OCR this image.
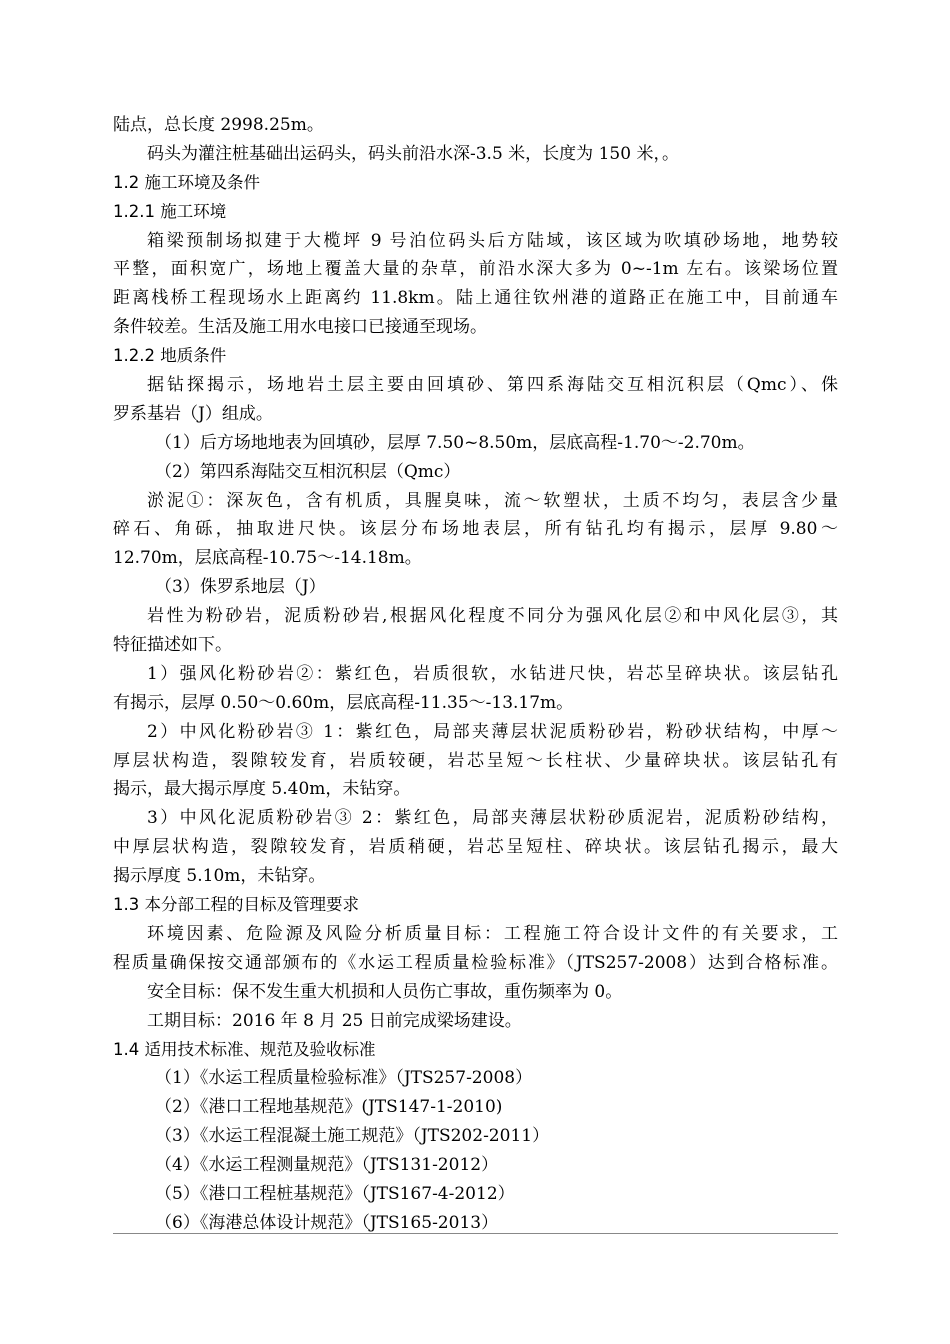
陆点，总长度 2998.25m。
码头为灌注桩基础出运码头，码头前沿水深-3.5 米，长度为 150 米，。
1.2 施工环境及条件
1.2.1 施工环境
箱梁预制场拟建于大榄坪 9 号泊位码头后方陆域，该区域为吹填砂场地，地势较
平整，面积宽广，场地上覆盖大量的杂草，前沿水深大多为 0~-1m 左右。该梁场位置
距离栈桥工程现场水上距离约 11.8km。陆上通往钦州港的道路正在施工中，目前通车
条件较差。生活及施工用水电接口已接通至现场。
1.2.2 地质条件
据钻探揭示，场地岩土层主要由回填砂、第四系海陆交互相沉积层（Qmc）、侏
罗系基岩（J）组成。
（1）后方场地地表为回填砂，层厚 7.50~8.50m，层底高程-1.70～-2.70m。
（2）第四系海陆交互相沉积层（Qmc）
淤泥①：深灰色，含有机质，具腥臭味，流～软塑状，土质不均匀，表层含少量
碎石、角砾，抽取进尺快。该层分布场地表层，所有钻孔均有揭示，层厚 9.80～
12.70m，层底高程-10.75～-14.18m。
（3）侏罗系地层（J）
岩性为粉砂岩，泥质粉砂岩,根据风化程度不同分为强风化层②和中风化层③，其
特征描述如下。
1）强风化粉砂岩②：紫红色，岩质很软，水钻进尺快，岩芯呈碎块状。该层钻孔
有揭示，层厚 0.50～0.60m，层底高程-11.35～-13.17m。
2）中风化粉砂岩③ 1：紫红色，局部夹薄层状泥质粉砂岩，粉砂状结构，中厚～
厚层状构造，裂隙较发育，岩质较硬，岩芯呈短～长柱状、少量碎块状。该层钻孔有
揭示，最大揭示厚度 5.40m，未钻穿。
3）中风化泥质粉砂岩③ 2：紫红色，局部夹薄层状粉砂质泥岩，泥质粉砂结构，
中厚层状构造，裂隙较发育，岩质稍硬，岩芯呈短柱、碎块状。该层钻孔揭示，最大
揭示厚度 5.10m，未钻穿。
1.3 本分部工程的目标及管理要求
环境因素、危险源及风险分析质量目标：工程施工符合设计文件的有关要求，工
程质量确保按交通部颁布的《水运工程质量检验标准》（JTS257-2008）达到合格标准。
安全目标：保不发生重大机损和人员伤亡事故，重伤频率为 0。
工期目标：2016 年 8 月 25 日前完成梁场建设。
1.4 适用技术标准、规范及验收标准
（1）《水运工程质量检验标准》（JTS257-2008）
（2）《港口工程地基规范》(JTS147-1-2010)
（3）《水运工程混凝土施工规范》（JTS202-2011）
（4）《水运工程测量规范》（JTS131-2012）
（5）《港口工程桩基规范》（JTS167-4-2012）
（6）《海港总体设计规范》（JTS165-2013）
